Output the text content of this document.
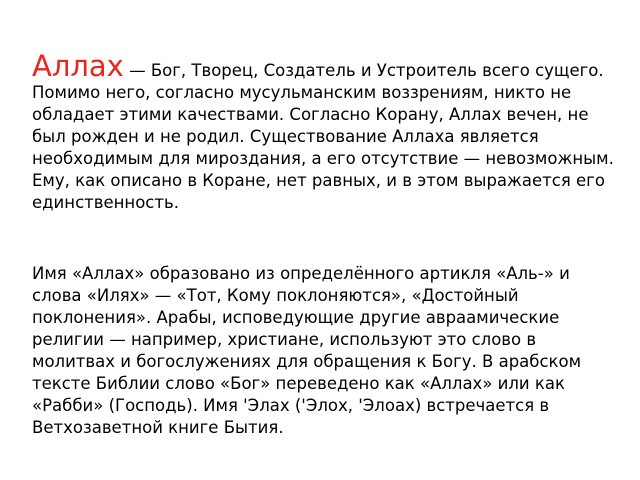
Аллах — Бог, Творец, Создатель и Устроитель всего сущего. Помимо него, согласно мусульманским воззрениям, никто не обладает этими качествами. Согласно Корану, Аллах вечен, не был рожден и не родил. Существование Аллаха является необходимым для мироздания, а его отсутствие — невозможным. Ему, как описано в Коране, нет равных, и в этом выражается его единственность.

Имя «Аллах» образовано из определённого артикля «Аль-» и слова «Илях» — «Тот, Кому поклоняются», «Достойный поклонения». Арабы, исповедующие другие авраамические религии — например, христиане, используют это слово в молитвах и богослужениях для обращения к Богу. В арабском тексте Библии слово «Бог» переведено как «Аллах» или как «Рабби» (Господь). Имя 'Элах ('Элох, 'Элоах) встречается в Ветхозаветной книге Бытия.
